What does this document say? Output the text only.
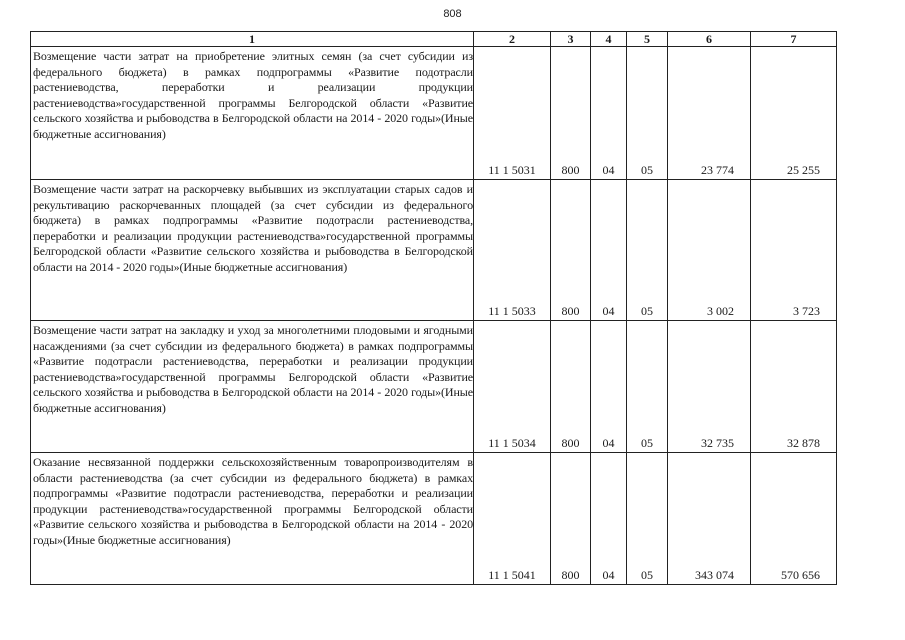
808
1	2	3	4	5	6	7

Возмещение части затрат на приобретение элитных семян (за счет субсидии из федерального бюджета) в рамках подпрограммы «Развитие подотрасли растениеводства, переработки и реализации продукции растениеводства»государственной программы Белгородской области «Развитие сельского хозяйства и рыбоводства в Белгородской области на 2014 - 2020 годы»(Иные бюджетные ассигнования)	11 1 5031	800	04	05	23 774	25 255

Возмещение части затрат на раскорчевку выбывших из эксплуатации старых садов и рекультивацию раскорчеванных площадей (за счет субсидии из федерального бюджета) в рамках подпрограммы «Развитие подотрасли растениеводства, переработки и реализации продукции растениеводства»государственной программы Белгородской области «Развитие сельского хозяйства и рыбоводства в Белгородской области на 2014 - 2020 годы»(Иные бюджетные ассигнования)	11 1 5033	800	04	05	3 002	3 723

Возмещение части затрат на закладку и уход за многолетними плодовыми и ягодными насаждениями (за счет субсидии из федерального бюджета) в рамках подпрограммы «Развитие подотрасли растениеводства, переработки и реализации продукции растениеводства»государственной программы Белгородской области «Развитие сельского хозяйства и рыбоводства в Белгородской области на 2014 - 2020 годы»(Иные бюджетные ассигнования)	11 1 5034	800	04	05	32 735	32 878

Оказание несвязанной поддержки сельскохозяйственным товаропроизводителям в области растениеводства (за счет субсидии из федерального бюджета) в рамках подпрограммы «Развитие подотрасли растениеводства, переработки и реализации продукции растениеводства»государственной программы Белгородской области «Развитие сельского хозяйства и рыбоводства в Белгородской области на 2014 - 2020 годы»(Иные бюджетные ассигнования)	11 1 5041	800	04	05	343 074	570 656
